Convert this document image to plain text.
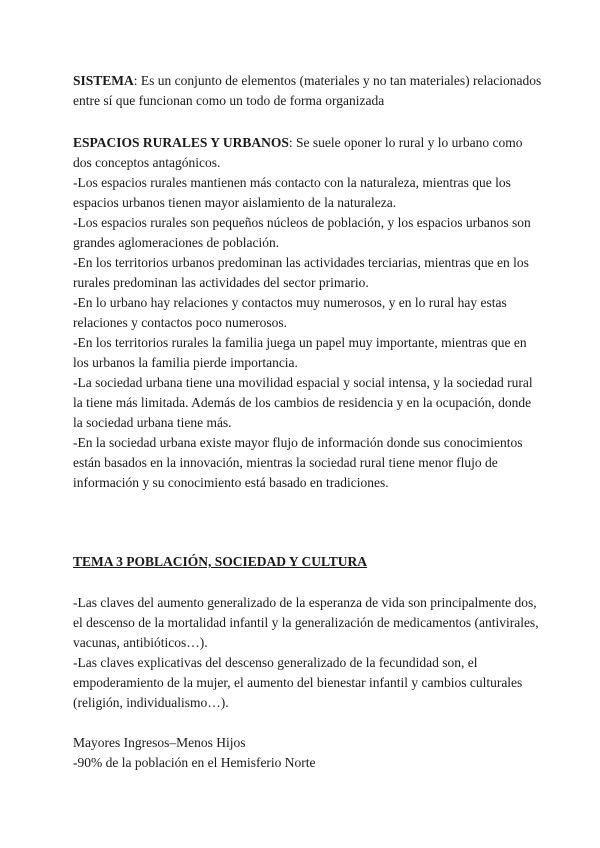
SISTEMA: Es un conjunto de elementos (materiales y no tan materiales) relacionados entre sí que funcionan como un todo de forma organizada

ESPACIOS RURALES Y URBANOS: Se suele oponer lo rural y lo urbano como dos conceptos antagónicos.

-Los espacios rurales mantienen más contacto con la naturaleza, mientras que los espacios urbanos tienen mayor aislamiento de la naturaleza.

-Los espacios rurales son pequeños núcleos de población, y los espacios urbanos son grandes aglomeraciones de población.

-En los territorios urbanos predominan las actividades terciarias, mientras que en los rurales predominan las actividades del sector primario.

-En lo urbano hay relaciones y contactos muy numerosos, y en lo rural hay estas relaciones y contactos poco numerosos.

-En los territorios rurales la familia juega un papel muy importante, mientras que en los urbanos la familia pierde importancia.

-La sociedad urbana tiene una movilidad espacial y social intensa, y la sociedad rural la tiene más limitada. Además de los cambios de residencia y en la ocupación, donde la sociedad urbana tiene más.

-En la sociedad urbana existe mayor flujo de información donde sus conocimientos están basados en la innovación, mientras la sociedad rural tiene menor flujo de información y su conocimiento está basado en tradiciones.

TEMA 3 POBLACIÓN, SOCIEDAD Y CULTURA

-Las claves del aumento generalizado de la esperanza de vida son principalmente dos, el descenso de la mortalidad infantil y la generalización de medicamentos (antivirales, vacunas, antibióticos…).

-Las claves explicativas del descenso generalizado de la fecundidad son, el empoderamiento de la mujer, el aumento del bienestar infantil y cambios culturales (religión, individualismo…).

Mayores Ingresos–Menos Hijos

-90% de la población en el Hemisferio Norte
